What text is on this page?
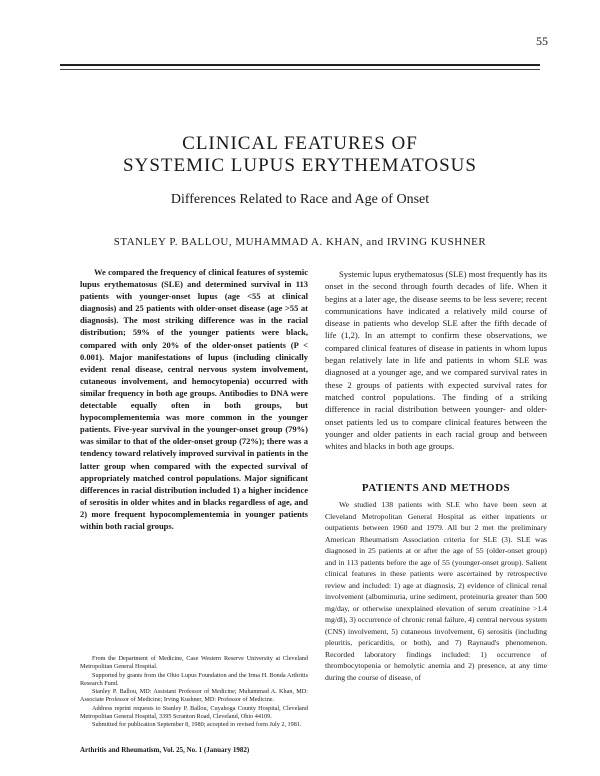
55
CLINICAL FEATURES OF
SYSTEMIC LUPUS ERYTHEMATOSUS
Differences Related to Race and Age of Onset
STANLEY P. BALLOU, MUHAMMAD A. KHAN, and IRVING KUSHNER

We compared the frequency of clinical features of systemic lupus erythematosus (SLE) and determined survival in 113 patients with younger-onset lupus (age <55 at clinical diagnosis) and 25 patients with older-onset disease (age >55 at diagnosis). The most striking difference was in the racial distribution; 59% of the younger patients were black, compared with only 20% of the older-onset patients (P < 0.001). Major manifestations of lupus (including clinically evident renal disease, central nervous system involvement, cutaneous involvement, and hemocytopenia) occurred with similar frequency in both age groups. Antibodies to DNA were detectable equally often in both groups, but hypocomplementemia was more common in the younger patients. Five-year survival in the younger-onset group (79%) was similar to that of the older-onset group (72%); there was a tendency toward relatively improved survival in patients in the latter group when compared with the expected survival of appropriately matched control populations. Major significant differences in racial distribution included 1) a higher incidence of serositis in older whites and in blacks regardless of age, and 2) more frequent hypocomplementemia in younger patients within both racial groups.

From the Department of Medicine, Case Western Reserve University at Cleveland Metropolitan General Hospital.

Supported by grants from the Ohio Lupus Foundation and the Irma H. Bonda Arthritis Research Fund.

Stanley P. Ballou, MD: Assistant Professor of Medicine; Muhammad A. Khan, MD: Associate Professor of Medicine; Irving Kushner, MD: Professor of Medicine.

Address reprint requests to Stanley P. Ballou, Cuyahoga County Hospital, Cleveland Metropolitan General Hospital, 3395 Scranton Road, Cleveland, Ohio 44109.

Submitted for publication September 8, 1980; accepted in revised form July 2, 1981.

Arthritis and Rheumatism, Vol. 25, No. 1 (January 1982)

Systemic lupus erythematosus (SLE) most frequently has its onset in the second through fourth decades of life. When it begins at a later age, the disease seems to be less severe; recent communications have indicated a relatively mild course of disease in patients who develop SLE after the fifth decade of life (1,2). In an attempt to confirm these observations, we compared clinical features of disease in patients in whom lupus began relatively late in life and patients in whom SLE was diagnosed at a younger age, and we compared survival rates in these 2 groups of patients with expected survival rates for matched control populations. The finding of a striking difference in racial distribution between younger- and older-onset patients led us to compare clinical features between the younger and older patients in each racial group and between whites and blacks in both age groups.

PATIENTS AND METHODS

We studied 138 patients with SLE who have been seen at Cleveland Metropolitan General Hospital as either inpatients or outpatients between 1960 and 1979. All but 2 met the preliminary American Rheumatism Association criteria for SLE (3). SLE was diagnosed in 25 patients at or after the age of 55 (older-onset group) and in 113 patients before the age of 55 (younger-onset group). Salient clinical features in these patients were ascertained by retrospective review and included: 1) age at diagnosis, 2) evidence of clinical renal involvement (albuminuria, urine sediment, proteinuria greater than 500 mg/day, or otherwise unexplained elevation of serum creatinine >1.4 mg/dl), 3) occurrence of chronic renal failure, 4) central nervous system (CNS) involvement, 5) cutaneous involvement, 6) serositis (including pleuritis, pericarditis, or both), and 7) Raynaud's phenomenon. Recorded laboratory findings included: 1) occurrence of thrombocytopenia or hemolytic anemia and 2) presence, at any time during the course of disease, of
